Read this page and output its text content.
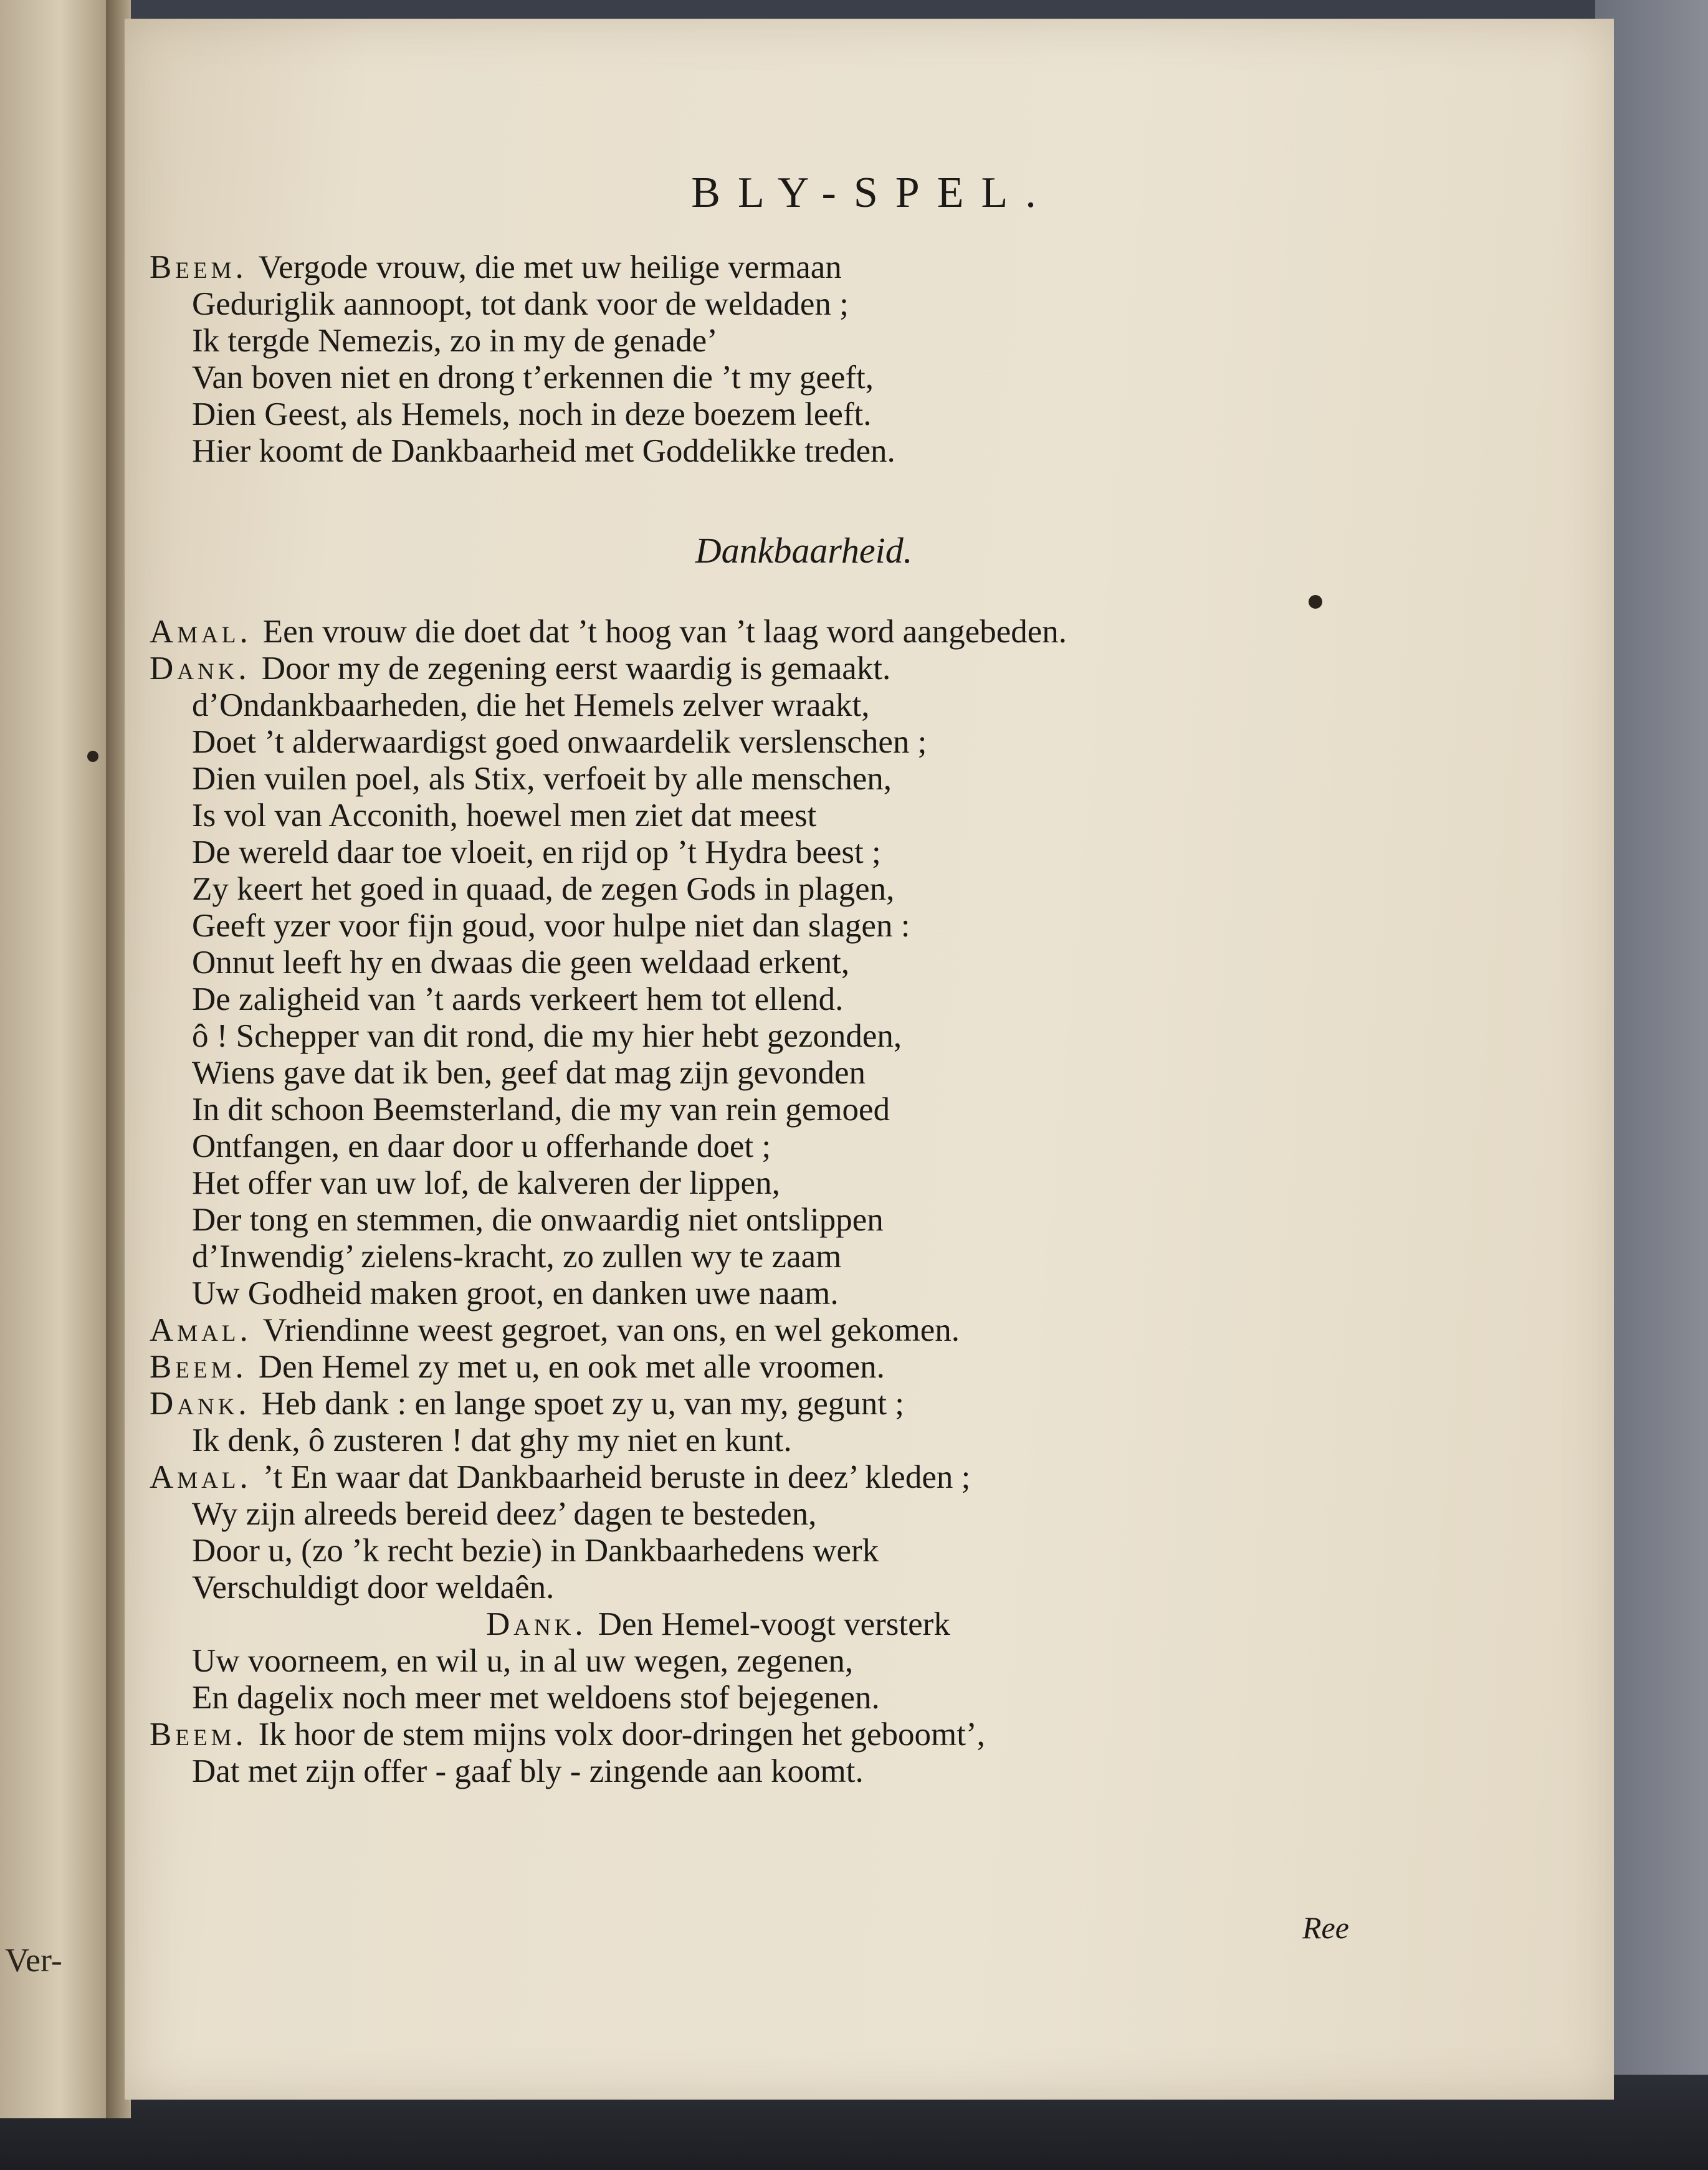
Ver-
BLY-SPEL.
Beem. Vergode vrouw, die met uw heilige vermaan
Geduriglik aannoopt, tot dank voor de weldaden ;
Ik tergde Nemezis, zo in my de genade’
Van boven niet en drong t’erkennen die ’t my geeft,
Dien Geest, als Hemels, noch in deze boezem leeft.
Hier koomt de Dankbaarheid met Goddelikke treden.
Dankbaarheid.
Amal. Een vrouw die doet dat ’t hoog van ’t laag word aangebeden.
Dank. Door my de zegening eerst waardig is gemaakt.
d’Ondankbaarheden, die het Hemels zelver wraakt,
Doet ’t alderwaardigst goed onwaardelik verslenschen ;
Dien vuilen poel, als Stix, verfoeit by alle menschen,
Is vol van Acconith, hoewel men ziet dat meest
De wereld daar toe vloeit, en rijd op ’t Hydra beest ;
Zy keert het goed in quaad, de zegen Gods in plagen,
Geeft yzer voor fijn goud, voor hulpe niet dan slagen :
Onnut leeft hy en dwaas die geen weldaad erkent,
De zaligheid van ’t aards verkeert hem tot ellend.
ô ! Schepper van dit rond, die my hier hebt gezonden,
Wiens gave dat ik ben, geef dat mag zijn gevonden
In dit schoon Beemsterland, die my van rein gemoed
Ontfangen, en daar door u offerhande doet ;
Het offer van uw lof, de kalveren der lippen,
Der tong en stemmen, die onwaardig niet ontslippen
d’Inwendig’ zielens-kracht, zo zullen wy te zaam
Uw Godheid maken groot, en danken uwe naam.
Amal. Vriendinne weest gegroet, van ons, en wel gekomen.
Beem. Den Hemel zy met u, en ook met alle vroomen.
Dank. Heb dank : en lange spoet zy u, van my, gegunt ;
Ik denk, ô zusteren ! dat ghy my niet en kunt.
Amal. ’t En waar dat Dankbaarheid beruste in deez’ kleden ;
Wy zijn alreeds bereid deez’ dagen te besteden,
Door u, (zo ’k recht bezie) in Dankbaarhedens werk
Verschuldigt door weldaên.
Dank. Den Hemel-voogt versterk
Uw voorneem, en wil u, in al uw wegen, zegenen,
En dagelix noch meer met weldoens stof bejegenen.
Beem. Ik hoor de stem mijns volx door-dringen het geboomt’,
Dat met zijn offer - gaaf bly - zingende aan koomt.
Ree
